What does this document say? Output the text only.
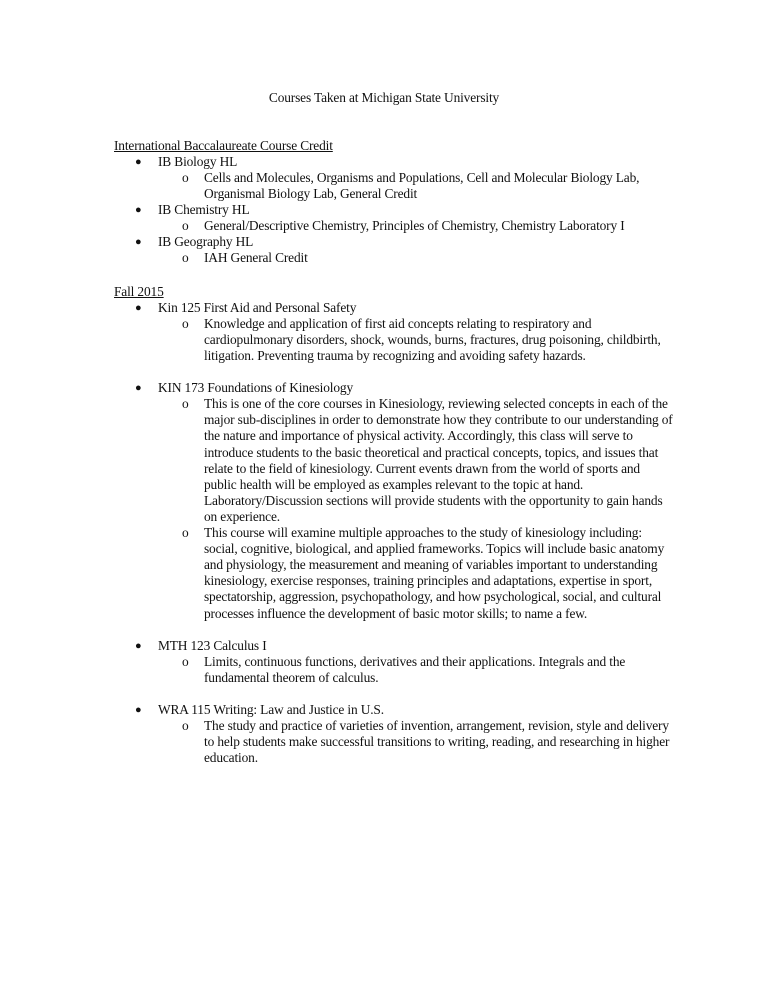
Courses Taken at Michigan State University
International Baccalaureate Course Credit
● IB Biology HL
o Cells and Molecules, Organisms and Populations, Cell and Molecular Biology Lab, Organismal Biology Lab, General Credit
● IB Chemistry HL
o General/Descriptive Chemistry, Principles of Chemistry, Chemistry Laboratory I
● IB Geography HL
o IAH General Credit
Fall 2015
● Kin 125 First Aid and Personal Safety
o Knowledge and application of first aid concepts relating to respiratory and cardiopulmonary disorders, shock, wounds, burns, fractures, drug poisoning, childbirth, litigation. Preventing trauma by recognizing and avoiding safety hazards.
● KIN 173 Foundations of Kinesiology
o This is one of the core courses in Kinesiology, reviewing selected concepts in each of the major sub-disciplines in order to demonstrate how they contribute to our understanding of the nature and importance of physical activity. Accordingly, this class will serve to introduce students to the basic theoretical and practical concepts, topics, and issues that relate to the field of kinesiology. Current events drawn from the world of sports and public health will be employed as examples relevant to the topic at hand. Laboratory/Discussion sections will provide students with the opportunity to gain hands on experience.
o This course will examine multiple approaches to the study of kinesiology including: social, cognitive, biological, and applied frameworks. Topics will include basic anatomy and physiology, the measurement and meaning of variables important to understanding kinesiology, exercise responses, training principles and adaptations, expertise in sport, spectatorship, aggression, psychopathology, and how psychological, social, and cultural processes influence the development of basic motor skills; to name a few.
● MTH 123 Calculus I
o Limits, continuous functions, derivatives and their applications. Integrals and the fundamental theorem of calculus.
● WRA 115 Writing: Law and Justice in U.S.
o The study and practice of varieties of invention, arrangement, revision, style and delivery to help students make successful transitions to writing, reading, and researching in higher education.
